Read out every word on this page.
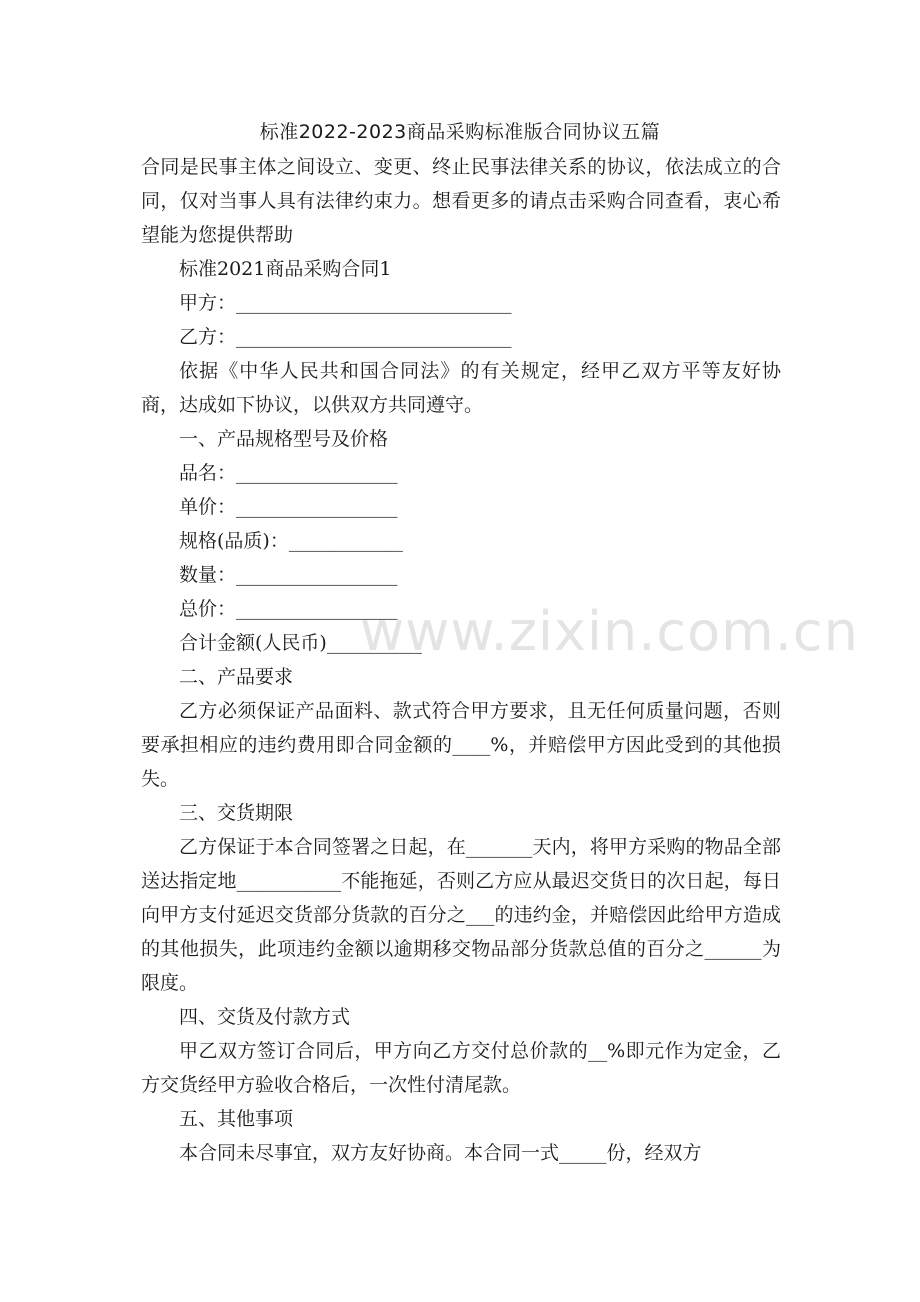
标准2022-2023商品采购标准版合同协议五篇

合同是民事主体之间设立、变更、终止民事法律关系的协议，依法成立的合同，仅对当事人具有法律约束力。想看更多的请点击采购合同查看，衷心希望能为您提供帮助

标准2021商品采购合同1

甲方：_____________________________

乙方：_____________________________

依据《中华人民共和国合同法》的有关规定，经甲乙双方平等友好协商，达成如下协议，以供双方共同遵守。

一、产品规格型号及价格

品名：_________________

单价：_________________

规格(品质)：____________

数量：_________________

总价：_________________

合计金额(人民币)__________

二、产品要求

乙方必须保证产品面料、款式符合甲方要求，且无任何质量问题，否则要承担相应的违约费用即合同金额的____%，并赔偿甲方因此受到的其他损失。

三、交货期限

乙方保证于本合同签署之日起，在_______天内，将甲方采购的物品全部送达指定地___________不能拖延，否则乙方应从最迟交货日的次日起，每日向甲方支付延迟交货部分货款的百分之___的违约金，并赔偿因此给甲方造成的其他损失，此项违约金额以逾期移交物品部分货款总值的百分之______为限度。

四、交货及付款方式

甲乙双方签订合同后，甲方向乙方交付总价款的__%即元作为定金，乙方交货经甲方验收合格后，一次性付清尾款。

五、其他事项

本合同未尽事宜，双方友好协商。本合同一式_____份，经双方

www.zixin.com.cn
